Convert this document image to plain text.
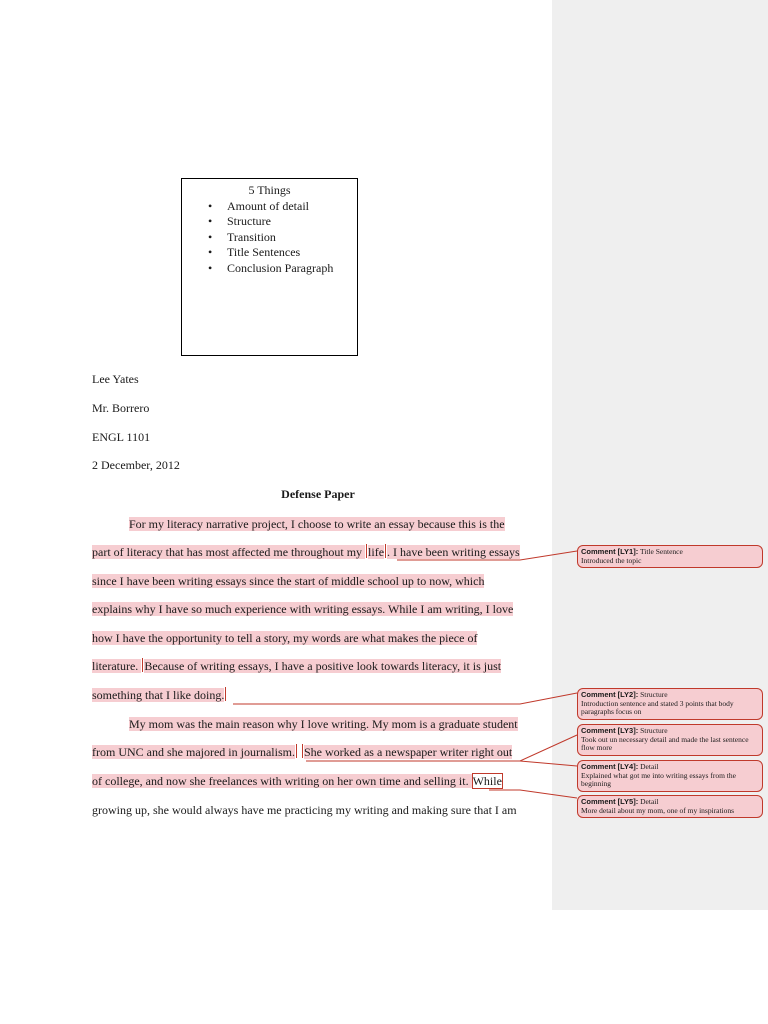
5 Things
• Amount of detail
• Structure
• Transition
• Title Sentences
• Conclusion Paragraph
Lee Yates
Mr. Borrero
ENGL 1101
2 December, 2012
Defense Paper
For my literacy narrative project, I choose to write an essay because this is the
part of literacy that has most affected me throughout my life . I have been writing essays
since I have been writing essays since the start of middle school up to now, which
explains why I have so much experience with writing essays. While I am writing, I love
how I have the opportunity to tell a story, my words are what makes the piece of
literature. Because of writing essays, I have a positive look towards literacy, it is just
something that I like doing.
My mom was the main reason why I love writing. My mom is a graduate student
from UNC and she majored in journalism. She worked as a newspaper writer right out
of college, and now she freelances with writing on her own time and selling it. While
growing up, she would always have me practicing my writing and making sure that I am
Comment [LY1]: Title Sentence
Introduced the topic
Comment [LY2]: Structure
Introduction sentence and stated 3 points that body paragraphs focus on
Comment [LY3]: Structure
Took out un necessary detail and made the last sentence flow more
Comment [LY4]: Detail
Explained what got me into writing essays from the beginning
Comment [LY5]: Detail
More detail about my mom, one of my inspirations
